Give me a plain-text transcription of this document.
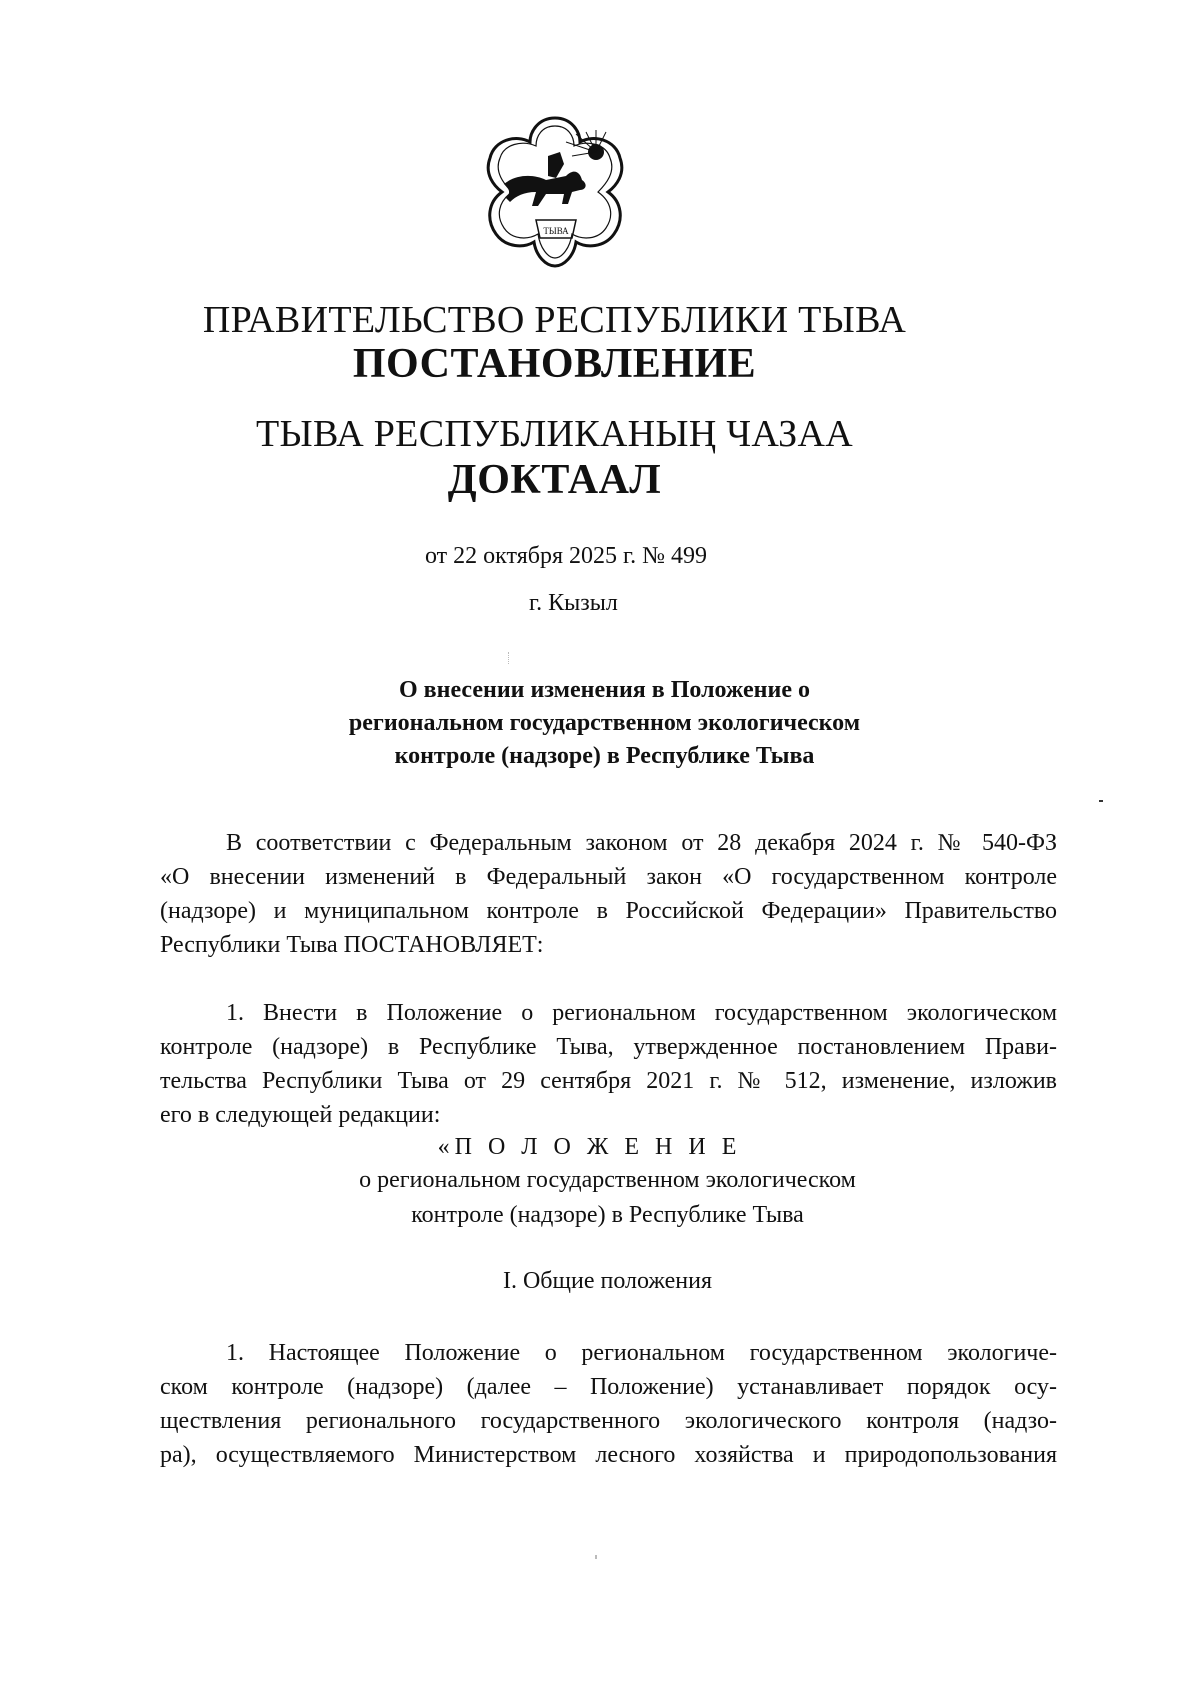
ТЫВА
ПРАВИТЕЛЬСТВО РЕСПУБЛИКИ ТЫВА
ПОСТАНОВЛЕНИЕ
ТЫВА РЕСПУБЛИКАНЫҢ ЧАЗАА
ДОКТААЛ
от 22 октября 2025 г. № 499
г. Кызыл
О внесении изменения в Положение о
региональном государственном экологическом
контроле (надзоре) в Республике Тыва
В соответствии с Федеральным законом от 28 декабря 2024 г. № 540-ФЗ
«О внесении изменений в Федеральный закон «О государственном контроле
(надзоре) и муниципальном контроле в Российской Федерации» Правительство
Республики Тыва ПОСТАНОВЛЯЕТ:
1. Внести в Положение о региональном государственном экологическом
контроле (надзоре) в Республике Тыва, утвержденное постановлением Прави-
тельства Республики Тыва от 29 сентября 2021 г. № 512, изменение, изложив
его в следующей редакции:
«П О Л О Ж Е Н И Е
о региональном государственном экологическом
контроле (надзоре) в Республике Тыва
I. Общие положения
1. Настоящее Положение о региональном государственном экологиче-
ском контроле (надзоре) (далее – Положение) устанавливает порядок осу-
ществления регионального государственного экологического контроля (надзо-
ра), осуществляемого Министерством лесного хозяйства и природопользования
